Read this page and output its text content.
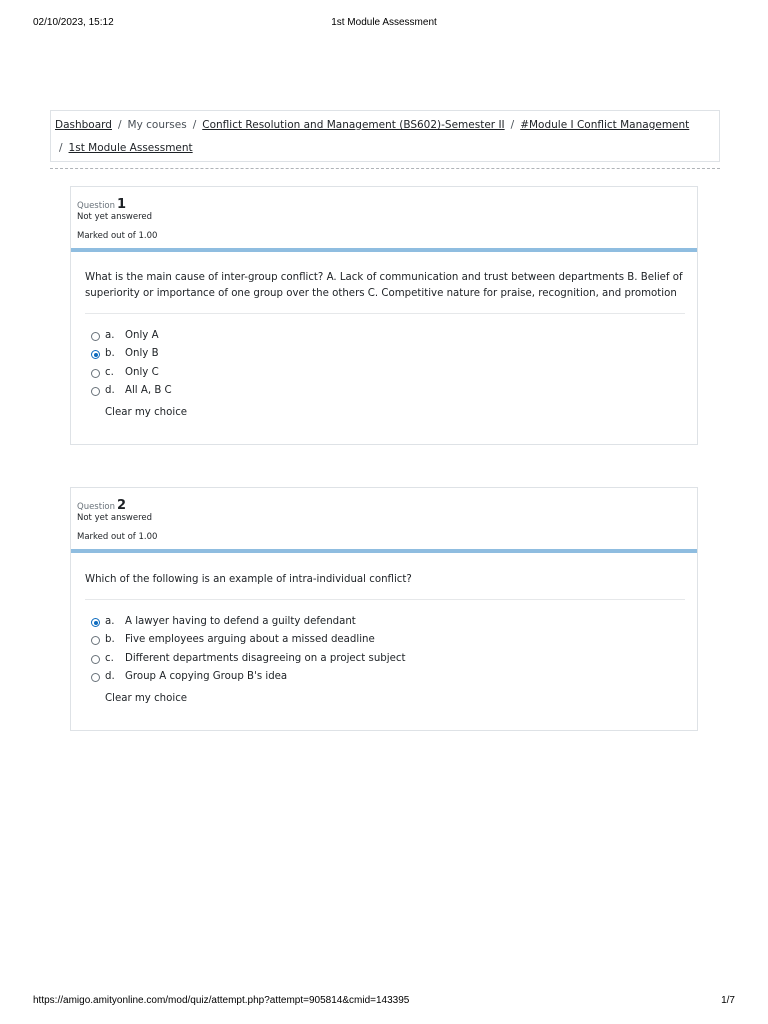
02/10/2023, 15:12	1st Module Assessment
Dashboard / My courses / Conflict Resolution and Management (BS602)-Semester II / #Module I Conflict Management
/ 1st Module Assessment
Question 1
Not yet answered
Marked out of 1.00
What is the main cause of inter-group conflict? A. Lack of communication and trust between departments B. Belief of superiority or importance of one group over the others C. Competitive nature for praise, recognition, and promotion
a. Only A
b. Only B
c. Only C
d. All A, B C
Clear my choice
Question 2
Not yet answered
Marked out of 1.00
Which of the following is an example of intra-individual conflict?
a. A lawyer having to defend a guilty defendant
b. Five employees arguing about a missed deadline
c. Different departments disagreeing on a project subject
d. Group A copying Group B's idea
Clear my choice
https://amigo.amityonline.com/mod/quiz/attempt.php?attempt=905814&cmid=143395	1/7
